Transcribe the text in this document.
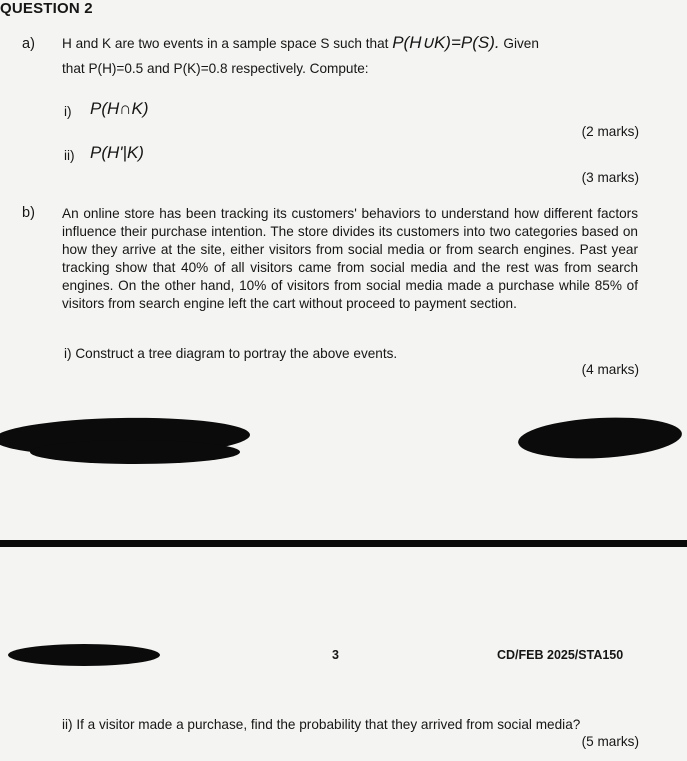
QUESTION 2
a) H and K are two events in a sample space S such that P(H∪K)=P(S). Given
that P(H)=0.5 and P(K)=0.8 respectively. Compute:
i) P(H∩K)
(2 marks)
ii) P(H'|K)
(3 marks)
b) An online store has been tracking its customers' behaviors to understand how different factors influence their purchase intention. The store divides its customers into two categories based on how they arrive at the site, either visitors from social media or from search engines. Past year tracking show that 40% of all visitors came from social media and the rest was from search engines. On the other hand, 10% of visitors from social media made a purchase while 85% of visitors from search engine left the cart without proceed to payment section.
i) Construct a tree diagram to portray the above events.
(4 marks)
3	CD/FEB 2025/STA150
ii) If a visitor made a purchase, find the probability that they arrived from social media?
(5 marks)
